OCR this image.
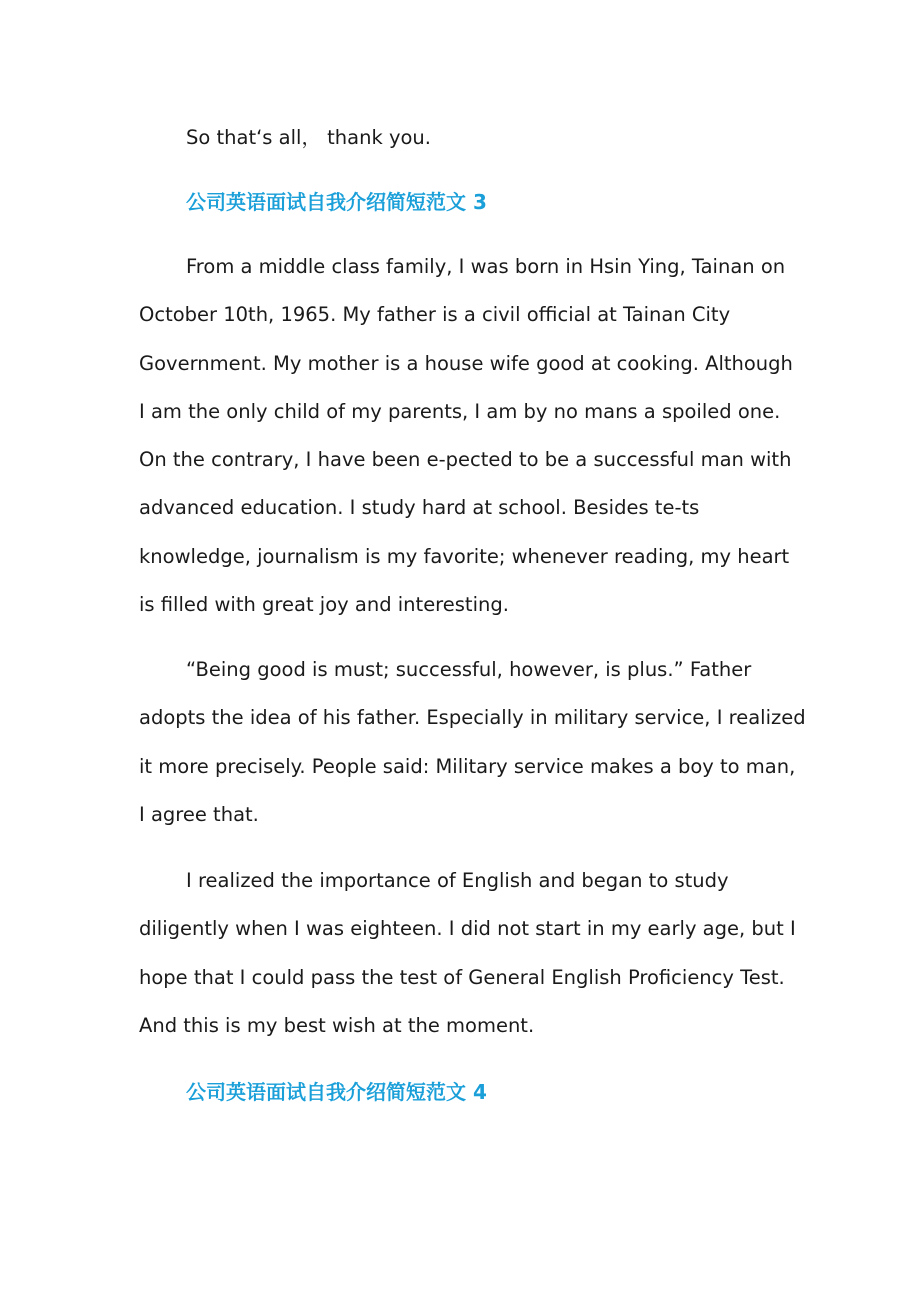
So that‘s all， thank you.
公司英语面试自我介绍简短范文 3
From a middle class family, I was born in Hsin Ying, Tainan on
October 10th, 1965. My father is a civil official at Tainan City
Government. My mother is a house wife good at cooking. Although
I am the only child of my parents, I am by no mans a spoiled one.
On the contrary, I have been e-pected to be a successful man with
advanced education. I study hard at school. Besides te-ts
knowledge, journalism is my favorite; whenever reading, my heart
is filled with great joy and interesting.
“Being good is must; successful, however, is plus.” Father
adopts the idea of his father. Especially in military service, I realized
it more precisely. People said: Military service makes a boy to man,
I agree that.
I realized the importance of English and began to study
diligently when I was eighteen. I did not start in my early age, but I
hope that I could pass the test of General English Proficiency Test.
And this is my best wish at the moment.
公司英语面试自我介绍简短范文 4
